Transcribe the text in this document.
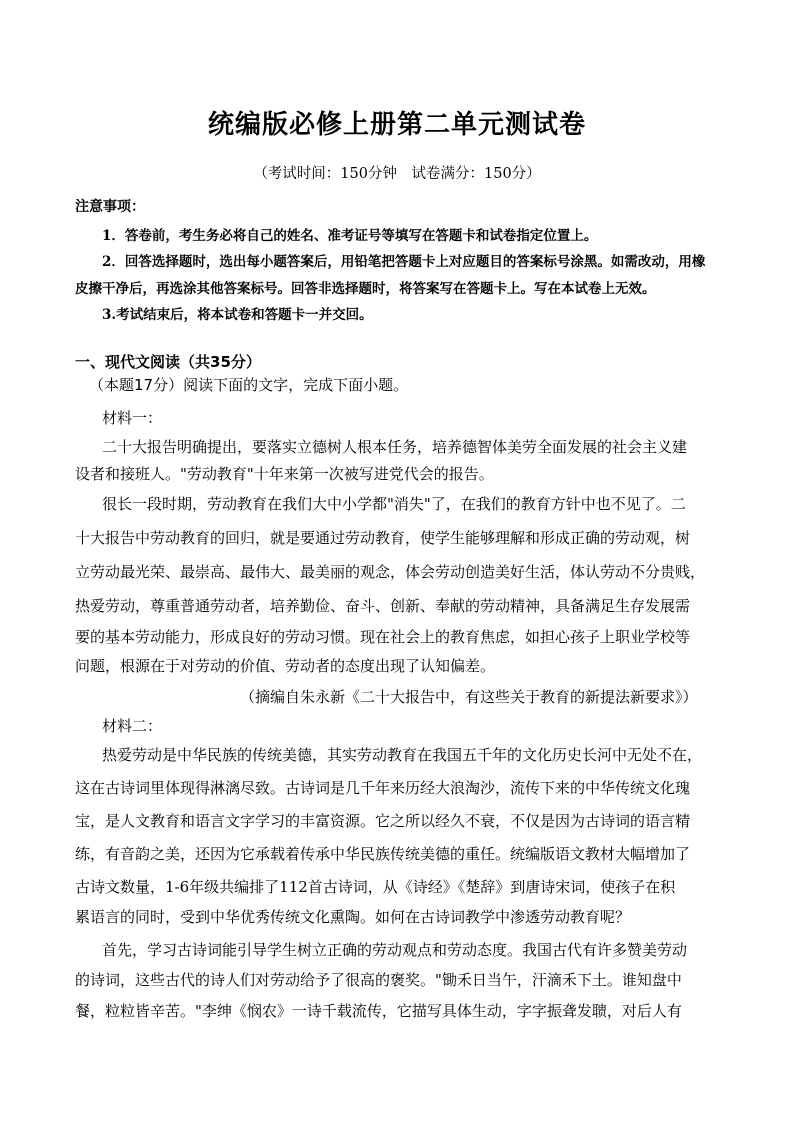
统编版必修上册第二单元测试卷
（考试时间：150分钟　试卷满分：150分）
注意事项：
1．答卷前，考生务必将自己的姓名、准考证号等填写在答题卡和试卷指定位置上。
2．回答选择题时，选出每小题答案后，用铅笔把答题卡上对应题目的答案标号涂黑。如需改动，用橡
皮擦干净后，再选涂其他答案标号。回答非选择题时，将答案写在答题卡上。写在本试卷上无效。
3.考试结束后，将本试卷和答题卡一并交回。
一、现代文阅读（共35分）
（本题17分）阅读下面的文字，完成下面小题。
材料一：
二十大报告明确提出，要落实立德树人根本任务，培养德智体美劳全面发展的社会主义建
设者和接班人。"劳动教育"十年来第一次被写进党代会的报告。
很长一段时期，劳动教育在我们大中小学都"消失"了，在我们的教育方针中也不见了。二
十大报告中劳动教育的回归，就是要通过劳动教育，使学生能够理解和形成正确的劳动观，树
立劳动最光荣、最崇高、最伟大、最美丽的观念，体会劳动创造美好生活，体认劳动不分贵贱，
热爱劳动，尊重普通劳动者，培养勤俭、奋斗、创新、奉献的劳动精神，具备满足生存发展需
要的基本劳动能力，形成良好的劳动习惯。现在社会上的教育焦虑，如担心孩子上职业学校等
问题，根源在于对劳动的价值、劳动者的态度出现了认知偏差。
（摘编自朱永新《二十大报告中，有这些关于教育的新提法新要求》）
材料二：
热爱劳动是中华民族的传统美德，其实劳动教育在我国五千年的文化历史长河中无处不在，
这在古诗词里体现得淋漓尽致。古诗词是几千年来历经大浪淘沙，流传下来的中华传统文化瑰
宝，是人文教育和语言文字学习的丰富资源。它之所以经久不衰，不仅是因为古诗词的语言精
练，有音韵之美，还因为它承载着传承中华民族传统美德的重任。统编版语文教材大幅增加了
古诗文数量，1-6年级共编排了112首古诗词，从《诗经》《楚辞》到唐诗宋词，使孩子在积
累语言的同时，受到中华优秀传统文化熏陶。如何在古诗词教学中渗透劳动教育呢？
首先，学习古诗词能引导学生树立正确的劳动观点和劳动态度。我国古代有许多赞美劳动
的诗词，这些古代的诗人们对劳动给予了很高的褒奖。"锄禾日当午，汗滴禾下土。谁知盘中
餐，粒粒皆辛苦。"李绅《悯农》一诗千载流传，它描写具体生动，字字振聋发聩，对后人有
